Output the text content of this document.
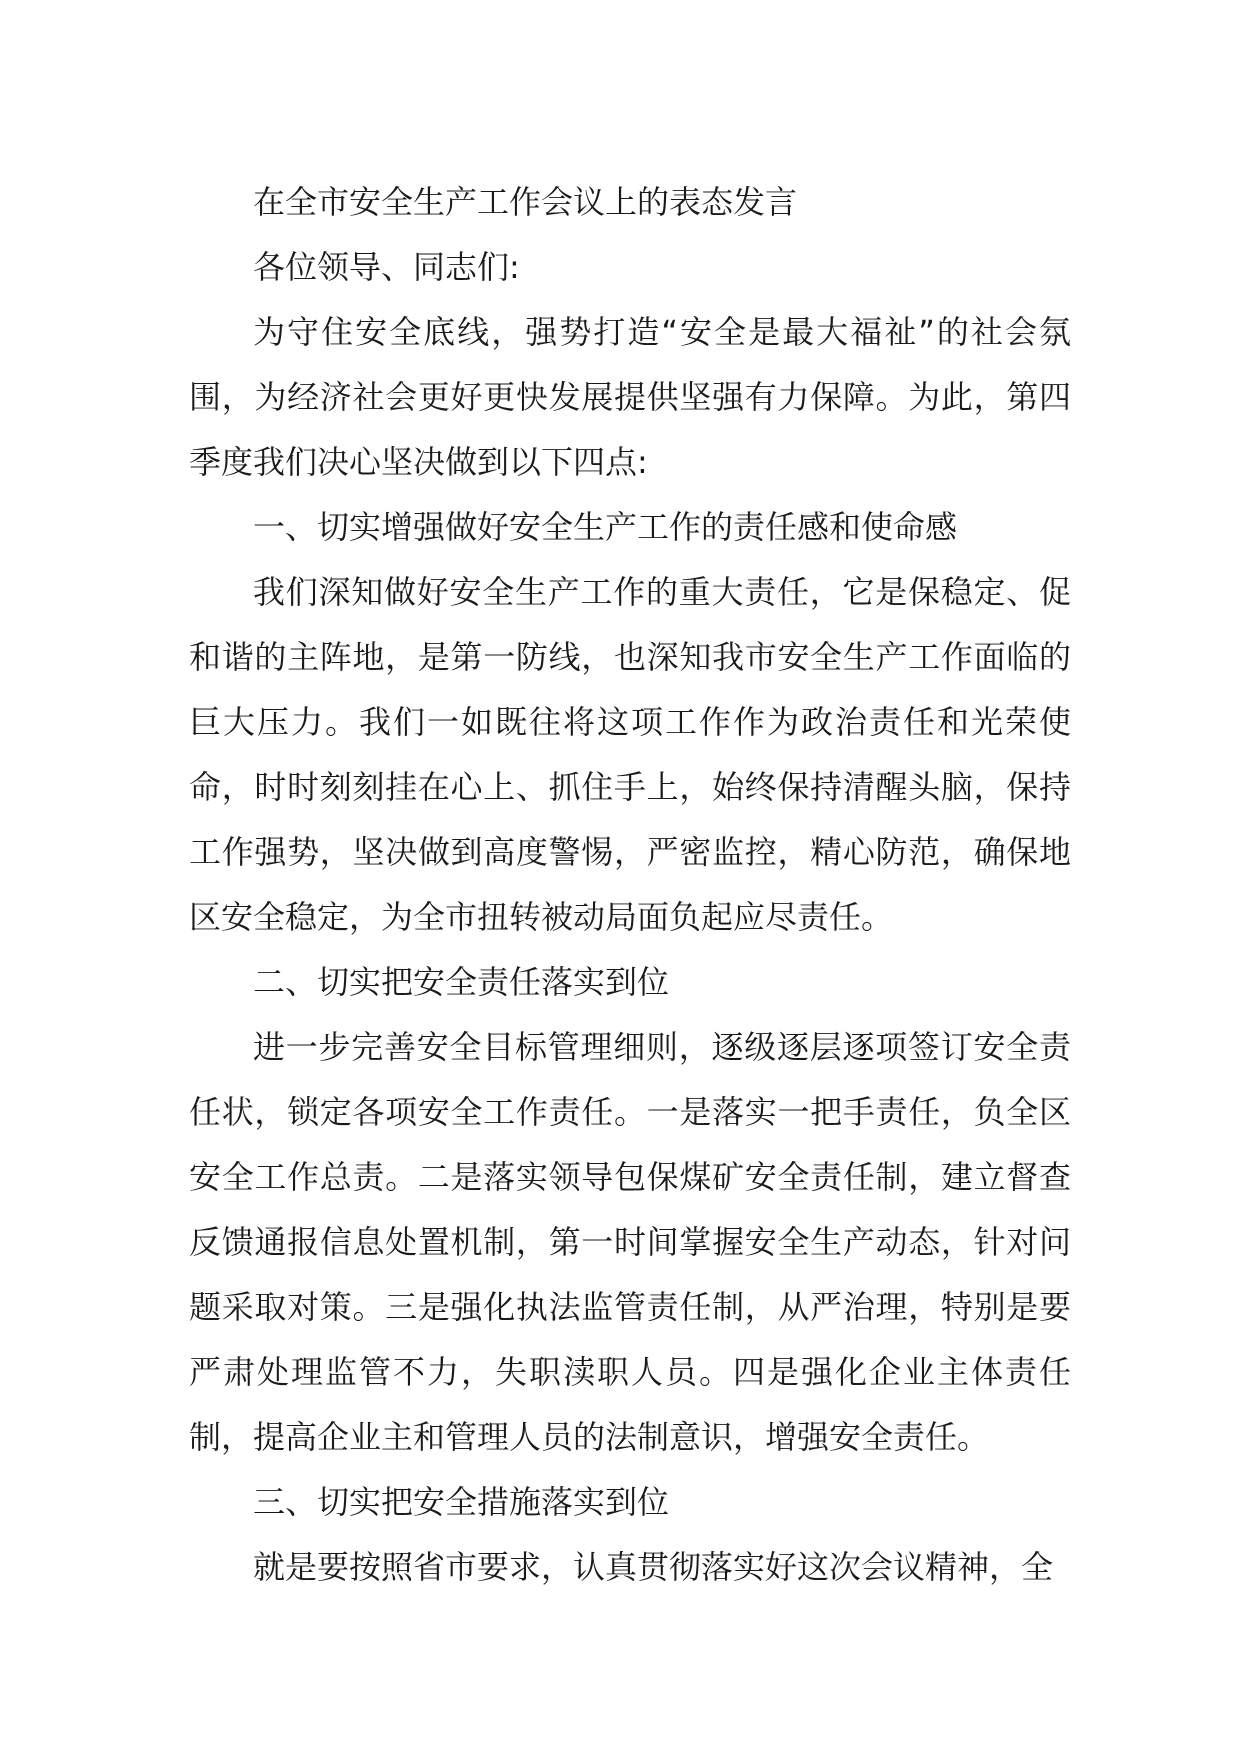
在全市安全生产工作会议上的表态发言

各位领导、同志们:

为守住安全底线，强势打造“安全是最大福祉”的社会氛围，为经济社会更好更快发展提供坚强有力保障。为此，第四季度我们决心坚决做到以下四点:

一、切实增强做好安全生产工作的责任感和使命感

我们深知做好安全生产工作的重大责任，它是保稳定、促和谐的主阵地，是第一防线，也深知我市安全生产工作面临的巨大压力。我们一如既往将这项工作作为政治责任和光荣使命，时时刻刻挂在心上、抓住手上，始终保持清醒头脑，保持工作强势，坚决做到高度警惕，严密监控，精心防范，确保地区安全稳定，为全市扭转被动局面负起应尽责任。

二、切实把安全责任落实到位

进一步完善安全目标管理细则，逐级逐层逐项签订安全责任状，锁定各项安全工作责任。一是落实一把手责任，负全区安全工作总责。二是落实领导包保煤矿安全责任制，建立督查反馈通报信息处置机制，第一时间掌握安全生产动态，针对问题采取对策。三是强化执法监管责任制，从严治理，特别是要严肃处理监管不力，失职渎职人员。四是强化企业主体责任制，提高企业主和管理人员的法制意识，增强安全责任。

三、切实把安全措施落实到位

就是要按照省市要求，认真贯彻落实好这次会议精神，全
